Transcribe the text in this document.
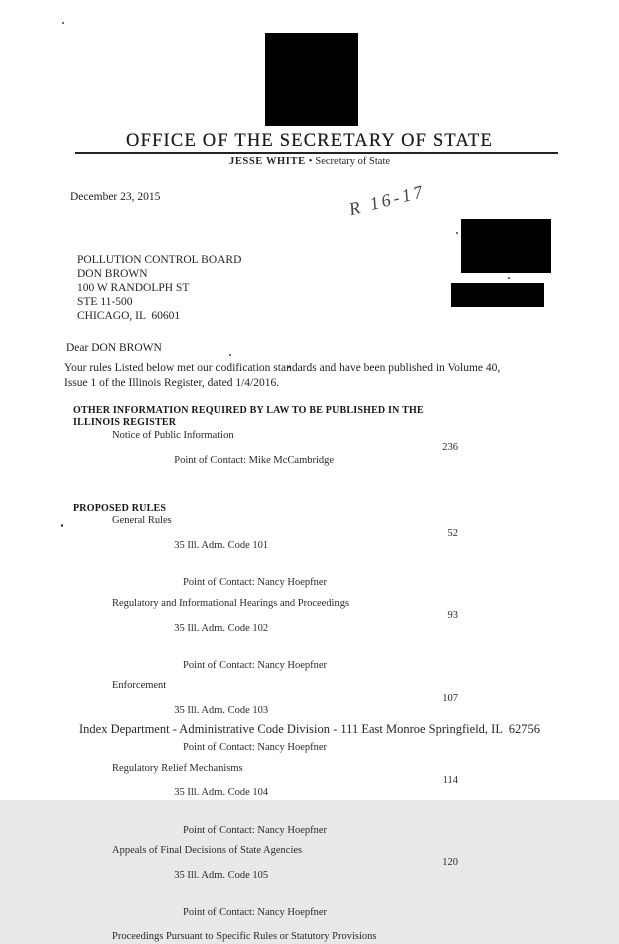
OFFICE OF THE SECRETARY OF STATE
JESSE WHITE • Secretary of State
December 23, 2015	R 16-17
POLLUTION CONTROL BOARD
DON BROWN
100 W RANDOLPH ST
STE 11-500
CHICAGO, IL  60601
Dear DON BROWN
Your rules Listed below met our codification standards and have been published in Volume 40,
Issue 1 of the Illinois Register, dated 1/4/2016.
OTHER INFORMATION REQUIRED BY LAW TO BE PUBLISHED IN THE ILLINOIS REGISTER
Notice of Public Information

Point of Contact: Mike McCambridge

236

PROPOSED RULES
General Rules

35 Ill. Adm. Code 101

52

Point of Contact: Nancy Hoepfner
Regulatory and Informational Hearings and Proceedings

35 Ill. Adm. Code 102

93

Point of Contact: Nancy Hoepfner
Enforcement

35 Ill. Adm. Code 103

107

Point of Contact: Nancy Hoepfner
Regulatory Relief Mechanisms

35 Ill. Adm. Code 104

114

Point of Contact: Nancy Hoepfner
Appeals of Final Decisions of State Agencies

35 Ill. Adm. Code 105

120

Point of Contact: Nancy Hoepfner
Proceedings Pursuant to Specific Rules or Statutory Provisions
Index Department - Administrative Code Division - 111 East Monroe Springfield, IL  62756
